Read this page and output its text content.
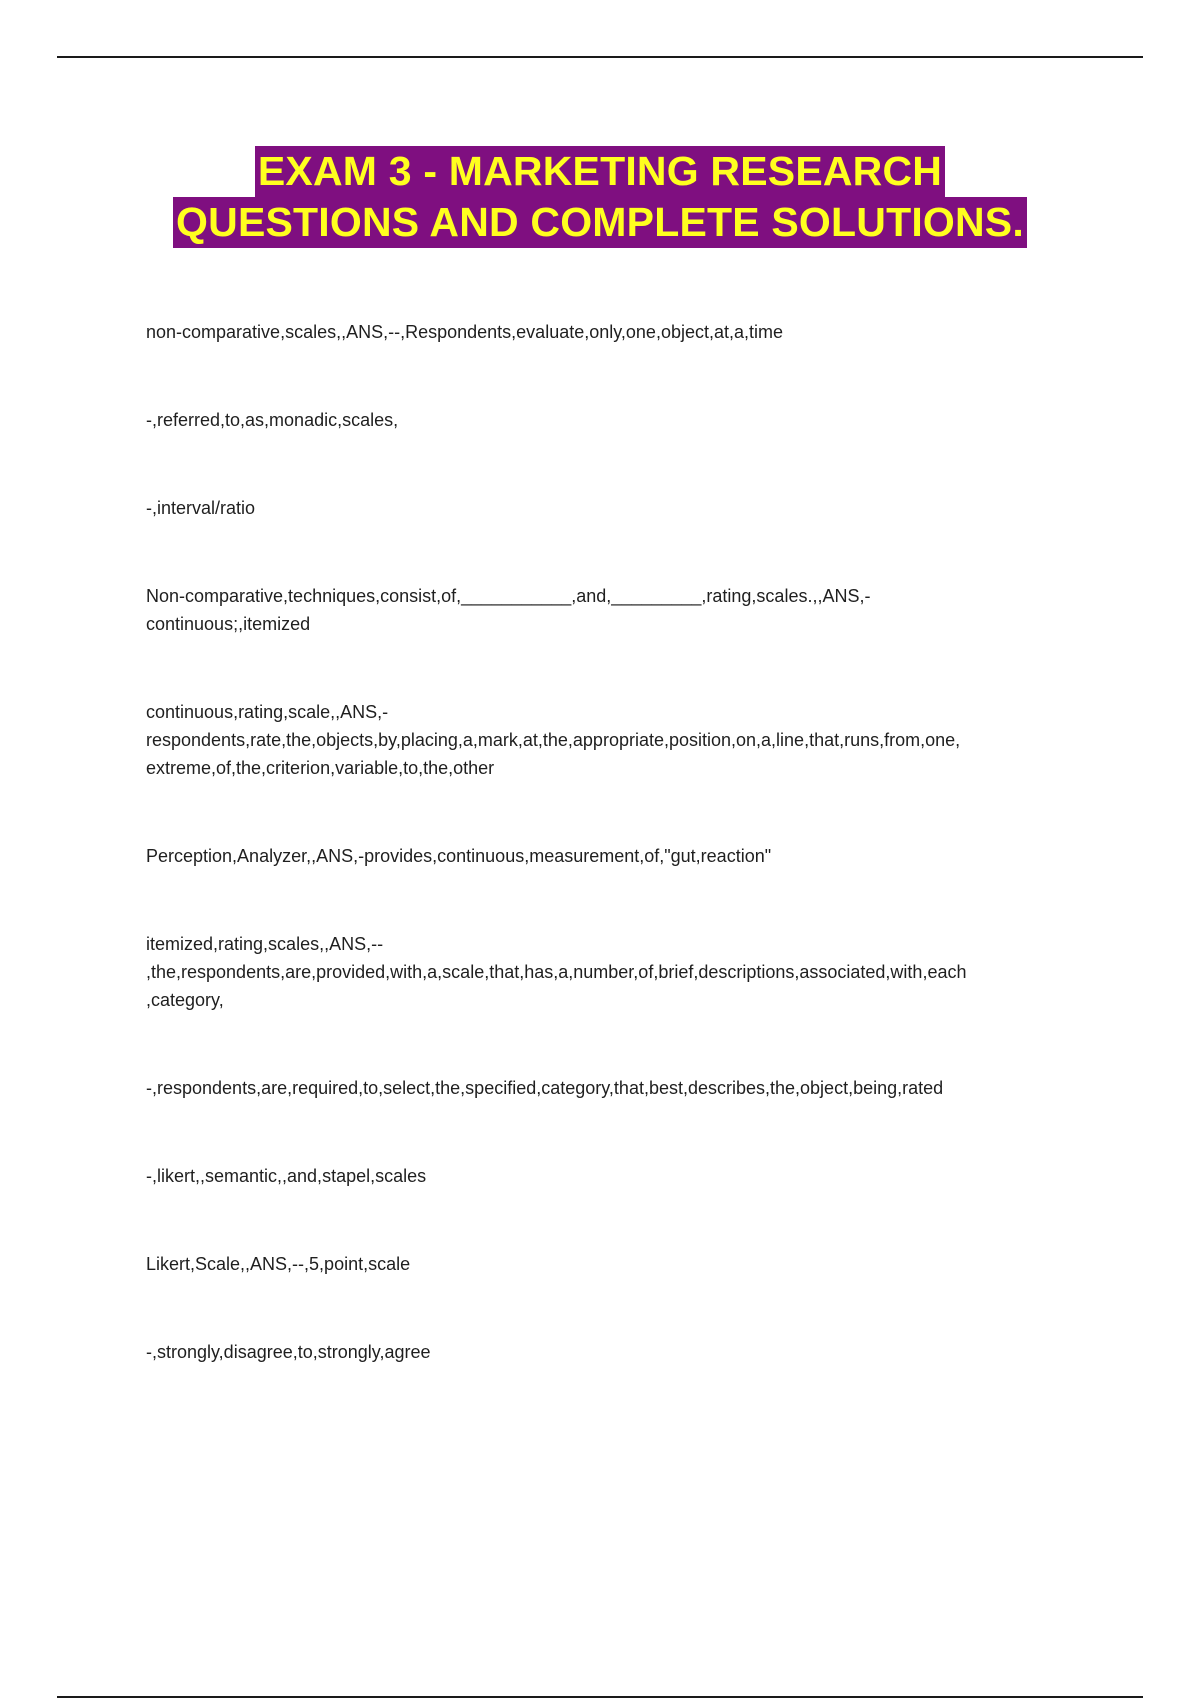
EXAM 3 - MARKETING RESEARCH
QUESTIONS AND COMPLETE SOLUTIONS.

non-comparative,scales,,ANS,--,Respondents,evaluate,only,one,object,at,a,time

-,referred,to,as,monadic,scales,

-,interval/ratio

Non-comparative,techniques,consist,of,___________,and,_________,rating,scales.,,ANS,-
continuous;,itemized

continuous,rating,scale,,ANS,-
respondents,rate,the,objects,by,placing,a,mark,at,the,appropriate,position,on,a,line,that,runs,from,one,
extreme,of,the,criterion,variable,to,the,other

Perception,Analyzer,,ANS,-provides,continuous,measurement,of,"gut,reaction"

itemized,rating,scales,,ANS,--
,the,respondents,are,provided,with,a,scale,that,has,a,number,of,brief,descriptions,associated,with,each
,category,

-,respondents,are,required,to,select,the,specified,category,that,best,describes,the,object,being,rated

-,likert,,semantic,,and,stapel,scales

Likert,Scale,,ANS,--,5,point,scale

-,strongly,disagree,to,strongly,agree
